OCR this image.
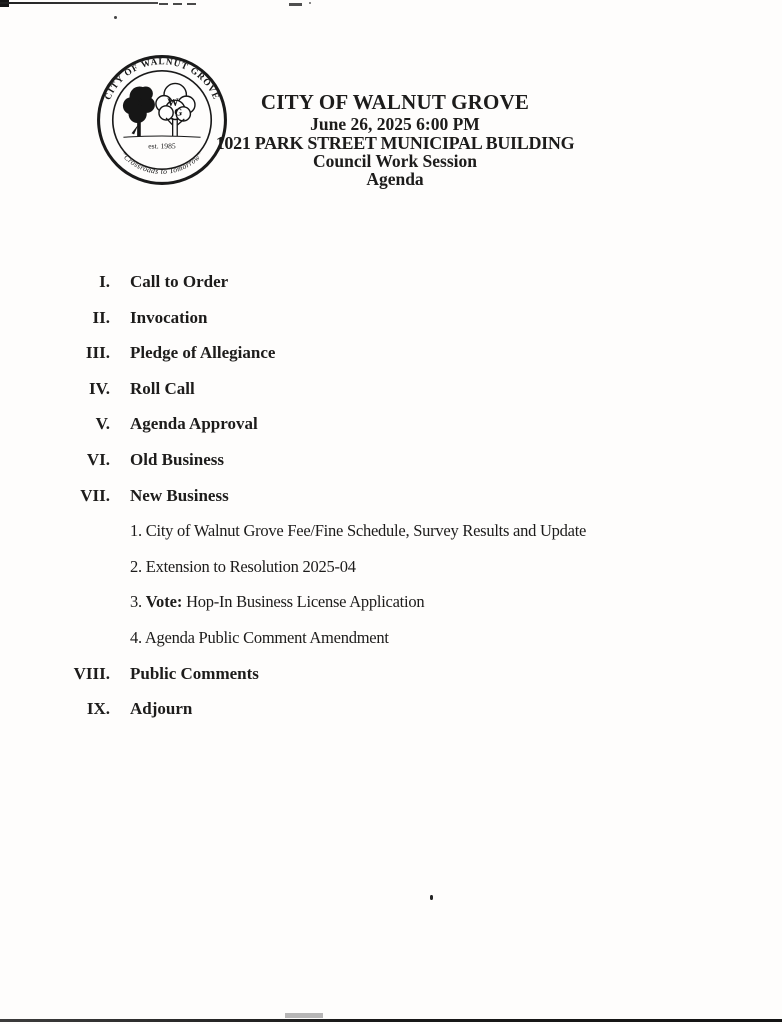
CITY OF WALNUT GROVE
“Crossroads to Tomorrow”
W
G
est. 1985
CITY OF WALNUT GROVE
June 26, 2025 6:00 PM
1021 PARK STREET MUNICIPAL BUILDING
Council Work Session
Agenda
I. Call to Order
II. Invocation
III. Pledge of Allegiance
IV. Roll Call
V. Agenda Approval
VI. Old Business
VII. New Business
1. City of Walnut Grove Fee/Fine Schedule, Survey Results and Update
2. Extension to Resolution 2025-04
3. Vote: Hop-In Business License Application
4. Agenda Public Comment Amendment
VIII. Public Comments
IX. Adjourn
